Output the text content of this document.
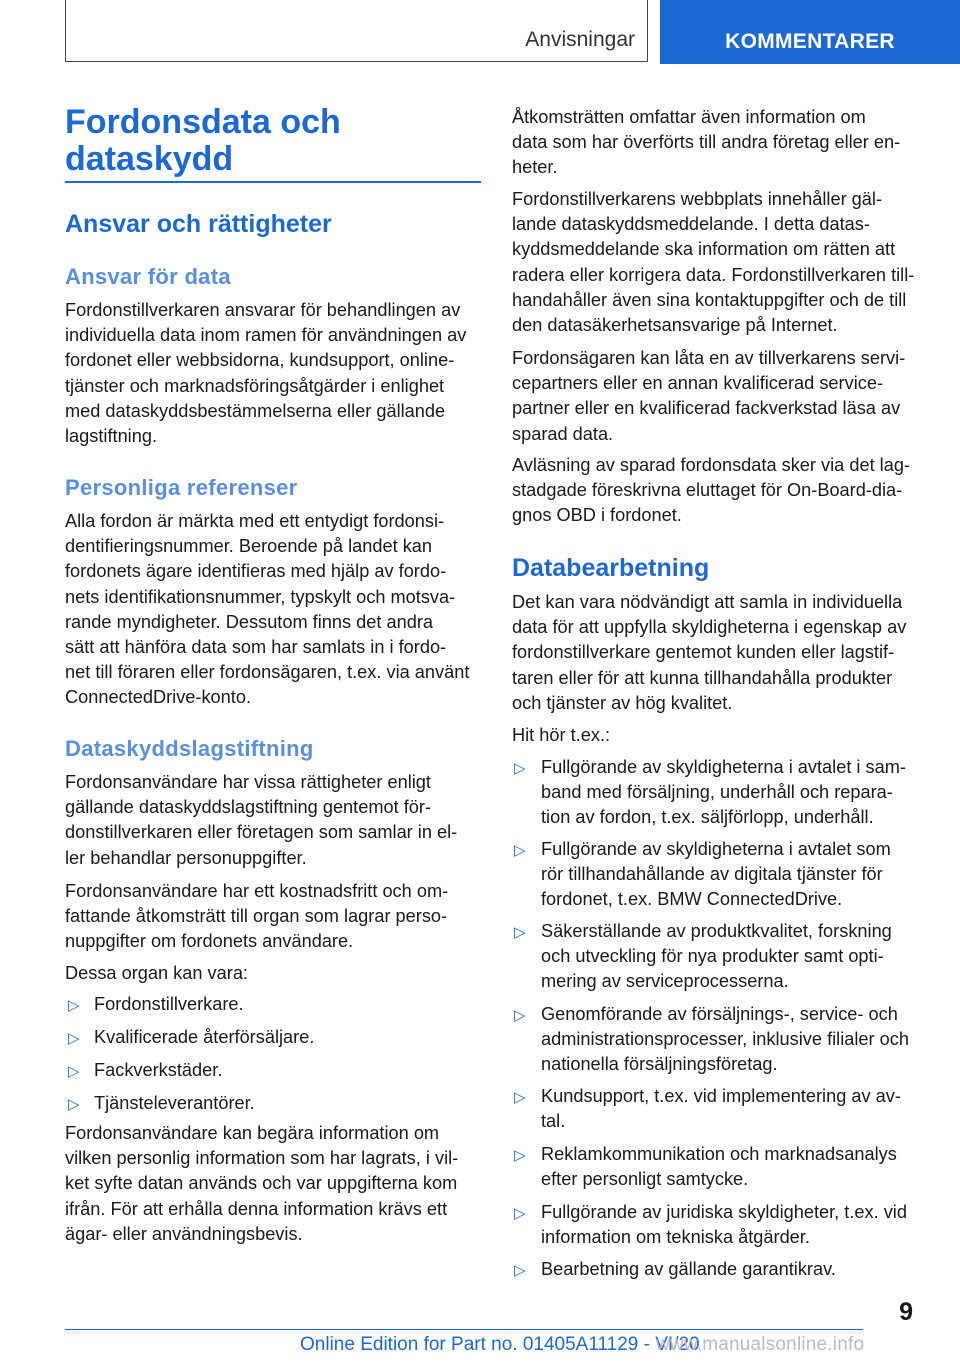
Anvisningar	KOMMENTARER
Fordonsdata och
dataskydd
Ansvar och rättigheter
Ansvar för data
Fordonstillverkaren ansvarar för behandlingen av
individuella data inom ramen för användningen av
fordonet eller webbsidorna, kundsupport, online-
tjänster och marknadsföringsåtgärder i enlighet
med dataskyddsbestämmelserna eller gällande
lagstiftning.
Personliga referenser
Alla fordon är märkta med ett entydigt fordonsi-
dentifieringsnummer. Beroende på landet kan
fordonets ägare identifieras med hjälp av fordo-
nets identifikationsnummer, typskylt och motsva-
rande myndigheter. Dessutom finns det andra
sätt att hänföra data som har samlats in i fordo-
net till föraren eller fordonsägaren, t.ex. via använt
ConnectedDrive-konto.
Dataskyddslagstiftning
Fordonsanvändare har vissa rättigheter enligt
gällande dataskyddslagstiftning gentemot för-
donstillverkaren eller företagen som samlar in el-
ler behandlar personuppgifter.
Fordonsanvändare har ett kostnadsfritt och om-
fattande åtkomsträtt till organ som lagrar perso-
nuppgifter om fordonets användare.
Dessa organ kan vara:
▷ Fordonstillverkare.
▷ Kvalificerade återförsäljare.
▷ Fackverkstäder.
▷ Tjänsteleverantörer.
Fordonsanvändare kan begära information om
vilken personlig information som har lagrats, i vil-
ket syfte datan används och var uppgifterna kom
ifrån. För att erhålla denna information krävs ett
ägar- eller användningsbevis.
Åtkomsträtten omfattar även information om
data som har överförts till andra företag eller en-
heter.
Fordonstillverkarens webbplats innehåller gäl-
lande dataskyddsmeddelande. I detta datas-
kyddsmeddelande ska information om rätten att
radera eller korrigera data. Fordonstillverkaren till-
handahåller även sina kontaktuppgifter och de till
den datasäkerhetsansvarige på Internet.
Fordonsägaren kan låta en av tillverkarens servi-
cepartners eller en annan kvalificerad service-
partner eller en kvalificerad fackverkstad läsa av
sparad data.
Avläsning av sparad fordonsdata sker via det lag-
stadgade föreskrivna eluttaget för On-Board-dia-
gnos OBD i fordonet.
Databearbetning
Det kan vara nödvändigt att samla in individuella
data för att uppfylla skyldigheterna i egenskap av
fordonstillverkare gentemot kunden eller lagstif-
taren eller för att kunna tillhandahålla produkter
och tjänster av hög kvalitet.
Hit hör t.ex.:
▷ Fullgörande av skyldigheterna i avtalet i sam-
band med försäljning, underhåll och repara-
tion av fordon, t.ex. säljförlopp, underhåll.
▷ Fullgörande av skyldigheterna i avtalet som
rör tillhandahållande av digitala tjänster för
fordonet, t.ex. BMW ConnectedDrive.
▷ Säkerställande av produktkvalitet, forskning
och utveckling för nya produkter samt opti-
mering av serviceprocesserna.
▷ Genomförande av försäljnings-, service- och
administrationsprocesser, inklusive filialer och
nationella försäljningsföretag.
▷ Kundsupport, t.ex. vid implementering av av-
tal.
▷ Reklamkommunikation och marknadsanalys
efter personligt samtycke.
▷ Fullgörande av juridiska skyldigheter, t.ex. vid
information om tekniska åtgärder.
▷ Bearbetning av gällande garantikrav.
9
Online Edition for Part no. 01405A11129 - VI/20
www.manualsonline.info
